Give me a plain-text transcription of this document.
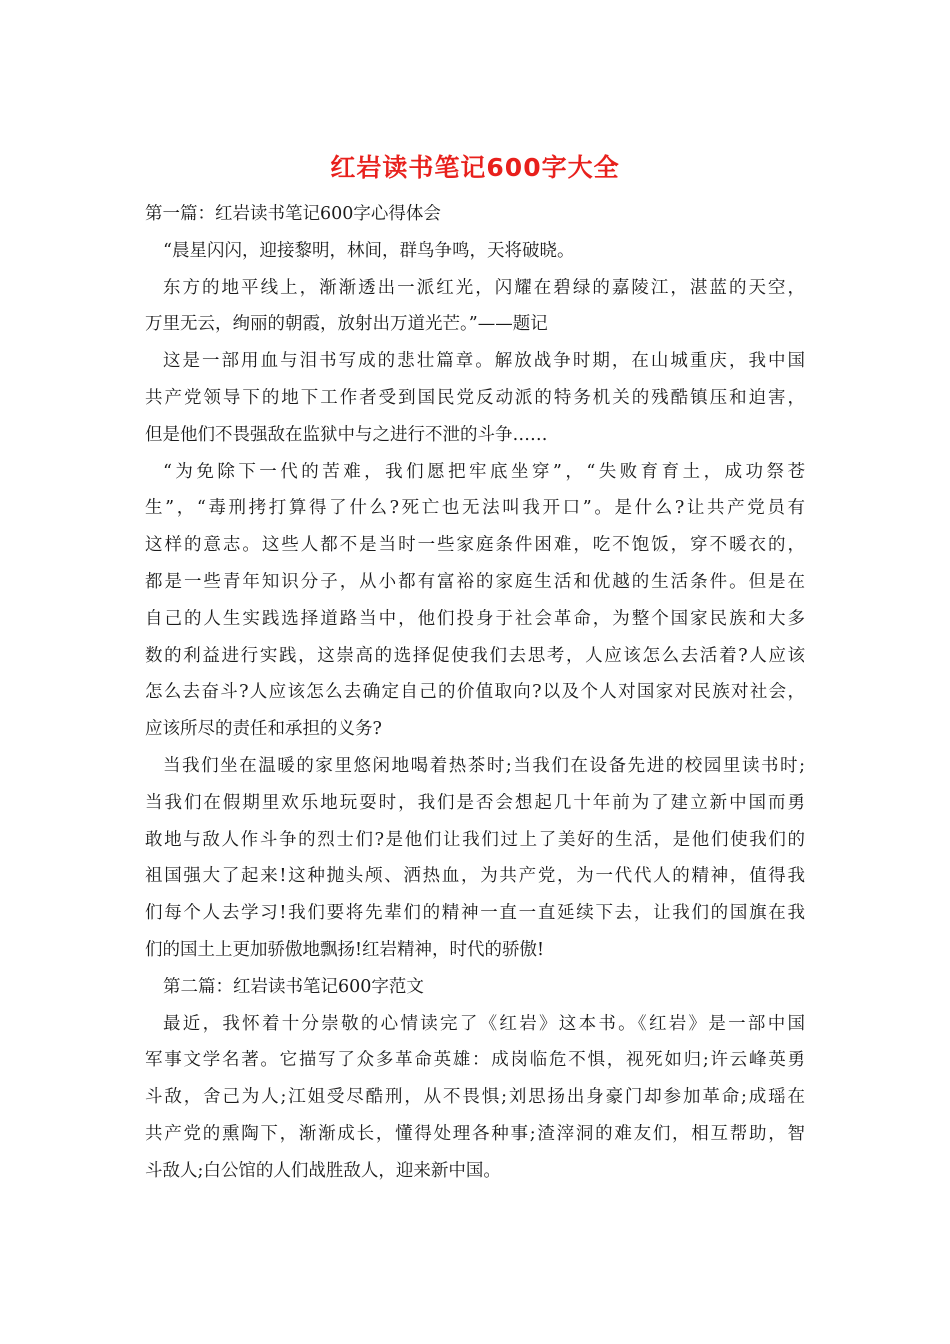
红岩读书笔记600字大全
第一篇：红岩读书笔记600字心得体会
“晨星闪闪，迎接黎明，林间，群鸟争鸣，天将破晓。
东方的地平线上，渐渐透出一派红光，闪耀在碧绿的嘉陵江，湛蓝的天空，
万里无云，绚丽的朝霞，放射出万道光芒。”——题记
这是一部用血与泪书写成的悲壮篇章。解放战争时期，在山城重庆，我中国
共产党领导下的地下工作者受到国民党反动派的特务机关的残酷镇压和迫害，
但是他们不畏强敌在监狱中与之进行不泄的斗争……
“为免除下一代的苦难，我们愿把牢底坐穿”，“失败育育土，成功祭苍
生”，“毒刑拷打算得了什么?死亡也无法叫我开口”。是什么?让共产党员有
这样的意志。这些人都不是当时一些家庭条件困难，吃不饱饭，穿不暖衣的，
都是一些青年知识分子，从小都有富裕的家庭生活和优越的生活条件。但是在
自己的人生实践选择道路当中，他们投身于社会革命，为整个国家民族和大多
数的利益进行实践，这崇高的选择促使我们去思考，人应该怎么去活着?人应该
怎么去奋斗?人应该怎么去确定自己的价值取向?以及个人对国家对民族对社会，
应该所尽的责任和承担的义务?
当我们坐在温暖的家里悠闲地喝着热茶时;当我们在设备先进的校园里读书时;
当我们在假期里欢乐地玩耍时，我们是否会想起几十年前为了建立新中国而勇
敢地与敌人作斗争的烈士们?是他们让我们过上了美好的生活，是他们使我们的
祖国强大了起来!这种抛头颅、洒热血，为共产党，为一代代人的精神，值得我
们每个人去学习!我们要将先辈们的精神一直一直延续下去，让我们的国旗在我
们的国土上更加骄傲地飘扬!红岩精神，时代的骄傲!
第二篇：红岩读书笔记600字范文
最近，我怀着十分崇敬的心情读完了《红岩》这本书。《红岩》是一部中国
军事文学名著。它描写了众多革命英雄：成岗临危不惧，视死如归;许云峰英勇
斗敌，舍己为人;江姐受尽酷刑，从不畏惧;刘思扬出身豪门却参加革命;成瑶在
共产党的熏陶下，渐渐成长，懂得处理各种事;渣滓洞的难友们，相互帮助，智
斗敌人;白公馆的人们战胜敌人，迎来新中国。
